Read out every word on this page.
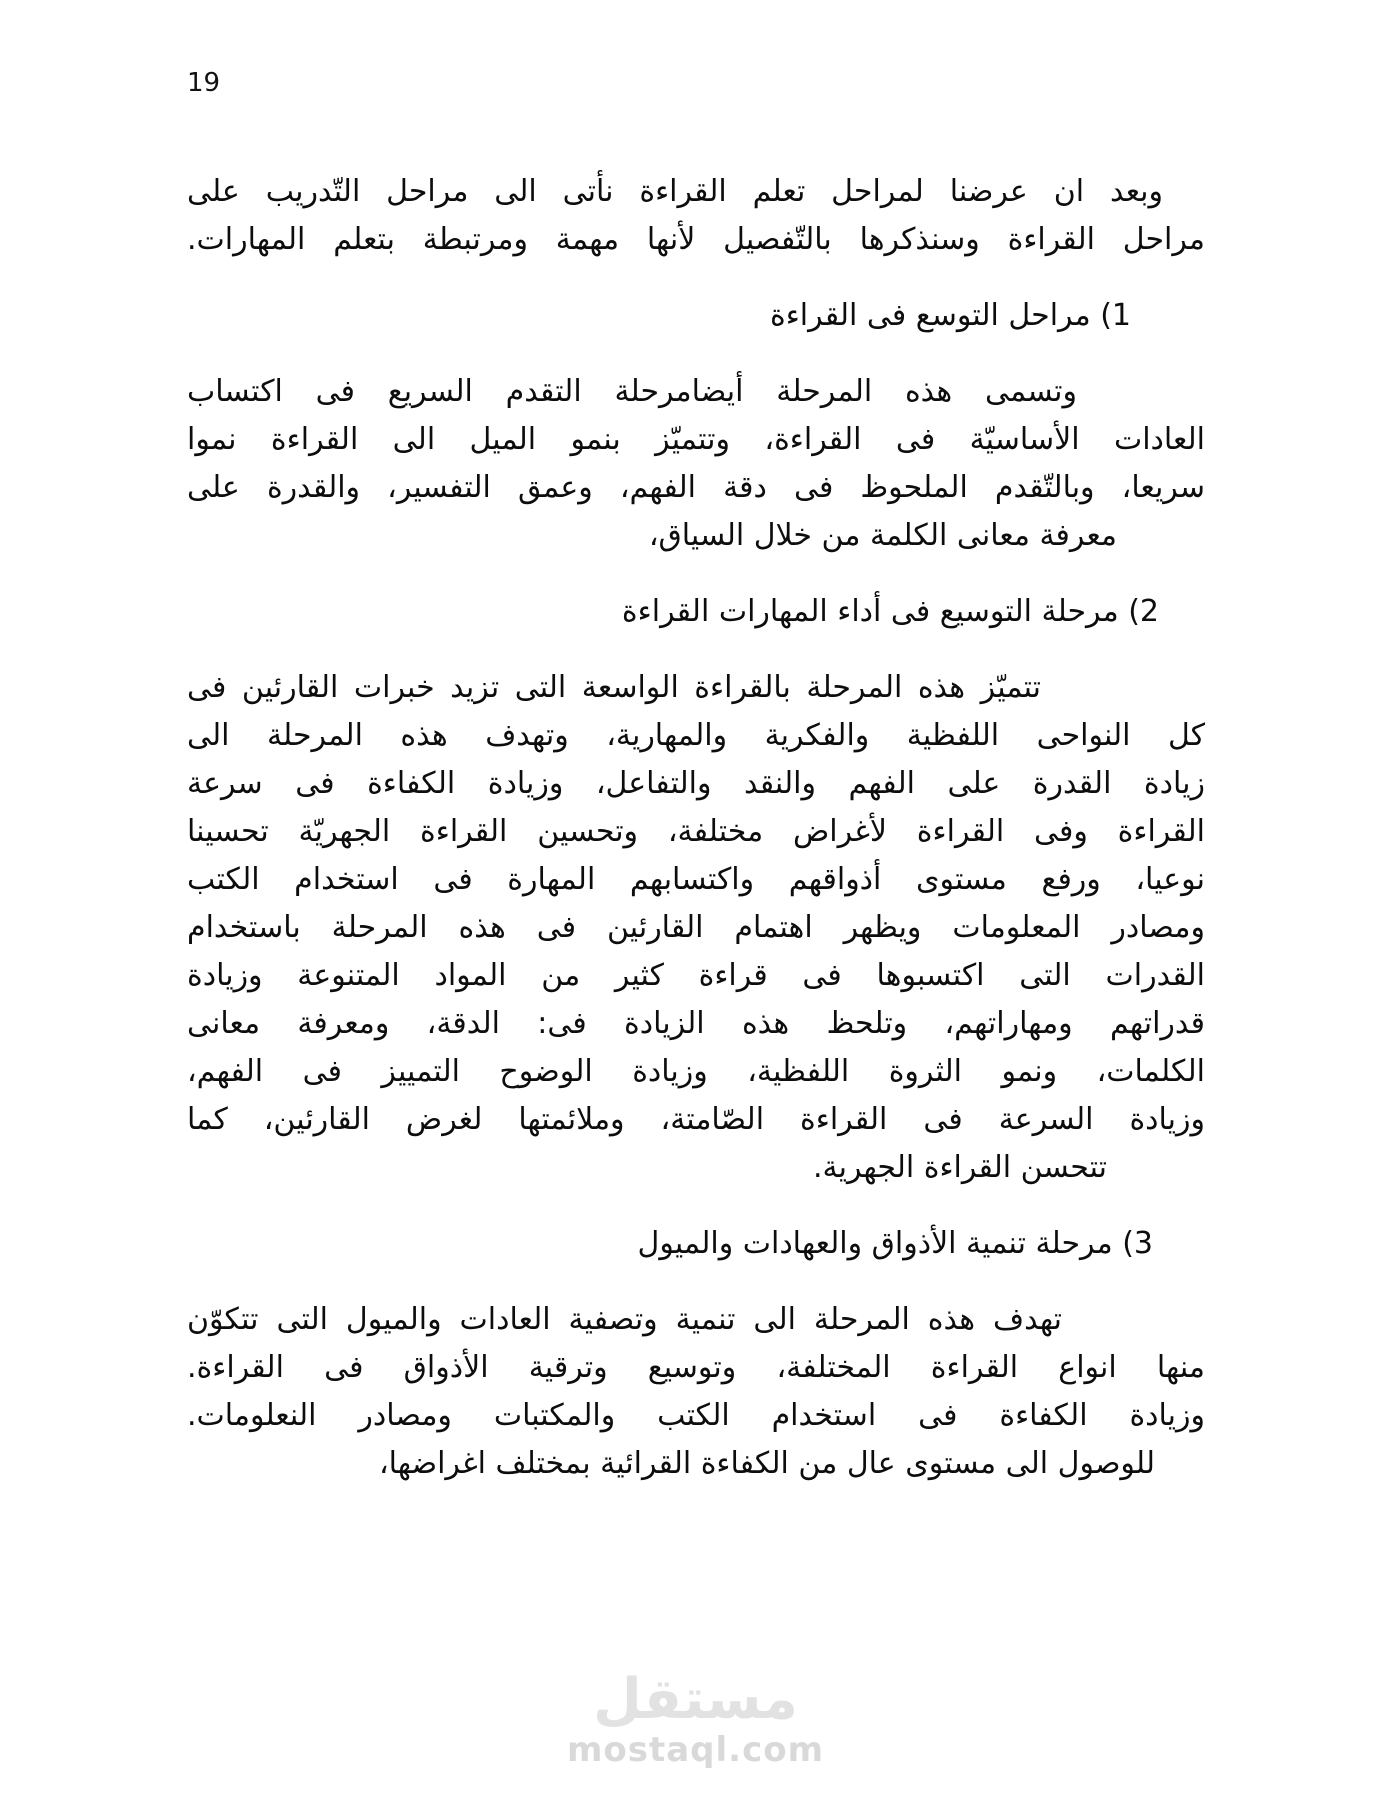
19
وبعد ان عرضنا لمراحل تعلم القراءة نأتى الى مراحل التّدريب على
مراحل القراءة وسنذكرها بالتّفصيل لأنها مهمة ومرتبطة بتعلم المهارات.
1) مراحل التوسع فى القراءة
وتسمى هذه المرحلة أيضامرحلة التقدم السريع فى اكتساب
العادات الأساسيّة فى القراءة، وتتميّز بنمو الميل الى القراءة نموا
سريعا، وبالتّقدم الملحوظ فى دقة الفهم، وعمق التفسير، والقدرة على
معرفة معانى الكلمة من خلال السياق،
2) مرحلة التوسيع فى أداء المهارات القراءة
تتميّز هذه المرحلة بالقراءة الواسعة التى تزيد خبرات القارئين فى
كل النواحى اللفظية والفكرية والمهارية، وتهدف هذه المرحلة الى
زيادة القدرة على الفهم والنقد والتفاعل، وزيادة الكفاءة فى سرعة
القراءة وفى القراءة لأغراض مختلفة، وتحسين القراءة الجهريّة تحسينا
نوعيا، ورفع مستوى أذواقهم واكتسابهم المهارة فى استخدام الكتب
ومصادر المعلومات ويظهر اهتمام القارئين فى هذه المرحلة باستخدام
القدرات التى اكتسبوها فى قراءة كثير من المواد المتنوعة وزيادة
قدراتهم ومهاراتهم، وتلحظ هذه الزيادة فى: الدقة، ومعرفة معانى
الكلمات، ونمو الثروة اللفظية، وزيادة الوضوح التمييز فى الفهم،
وزيادة السرعة فى القراءة الصّامتة، وملائمتها لغرض القارئين، كما
تتحسن القراءة الجهرية.
3) مرحلة تنمية الأذواق والعهادات والميول
تهدف هذه المرحلة الى تنمية وتصفية العادات والميول التى تتكوّن
منها انواع القراءة المختلفة، وتوسيع وترقية الأذواق فى القراءة.
وزيادة الكفاءة فى استخدام الكتب والمكتبات ومصادر النعلومات.
للوصول الى مستوى عال من الكفاءة القرائية بمختلف اغراضها،
مستقل
mostaql.com
